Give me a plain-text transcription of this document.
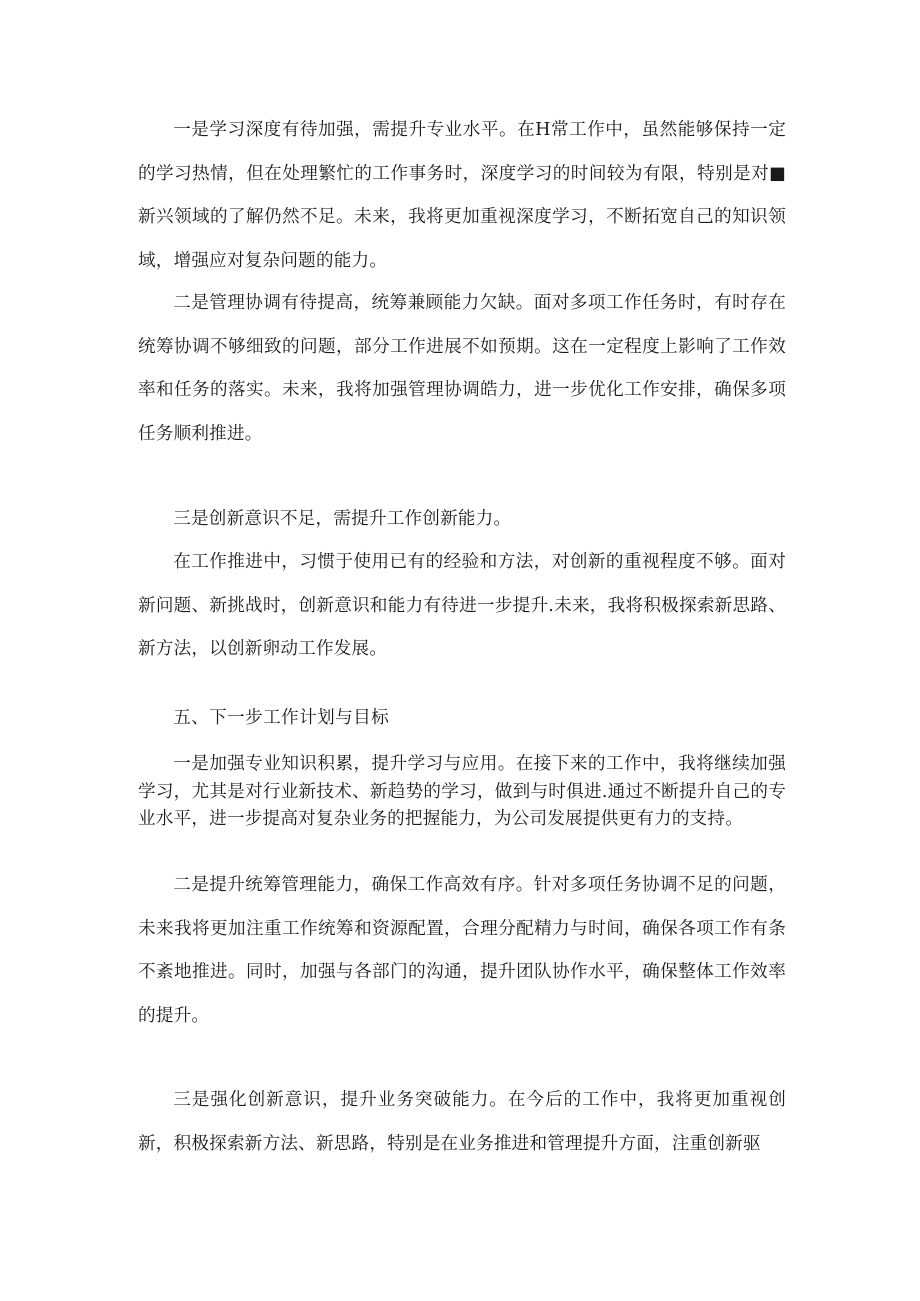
一是学习深度有待加强，需提升专业水平。在H常工作中，虽然能够保持一定的学习热情，但在处理繁忙的工作事务时，深度学习的时间较为有限，特别是对■新兴领域的了解仍然不足。未来，我将更加重视深度学习，不断拓宽自己的知识领域，增强应对复杂问题的能力。

二是管理协调有待提高，统筹兼顾能力欠缺。面对多项工作任务时，有时存在统筹协调不够细致的问题，部分工作进展不如预期。这在一定程度上影响了工作效率和任务的落实。未来，我将加强管理协调皓力，进一步优化工作安排，确保多项任务顺利推进。

三是创新意识不足，需提升工作创新能力。

在工作推进中，习惯于使用已有的经验和方法，对创新的重视程度不够。面对新问题、新挑战时，创新意识和能力有待进一步提升.未来，我将积极探索新思路、新方法，以创新卵动工作发展。

五、下一步工作计划与目标

一是加强专业知识积累，提升学习与应用。在接下来的工作中，我将继续加强学习，尤其是对行业新技术、新趋势的学习，做到与时俱进.通过不断提升自己的专业水平，进一步提高对复杂业务的把握能力，为公司发展提供更有力的支持。

二是提升统筹管理能力，确保工作高效有序。针对多项任务协调不足的问题，未来我将更加注重工作统筹和资源配置，合理分配精力与时间，确保各项工作有条不紊地推进。同时，加强与各部门的沟通，提升团队协作水平，确保整体工作效率的提升。

三是强化创新意识，提升业务突破能力。在今后的工作中，我将更加重视创新，积极探索新方法、新思路，特别是在业务推进和管理提升方面，注重创新驱
